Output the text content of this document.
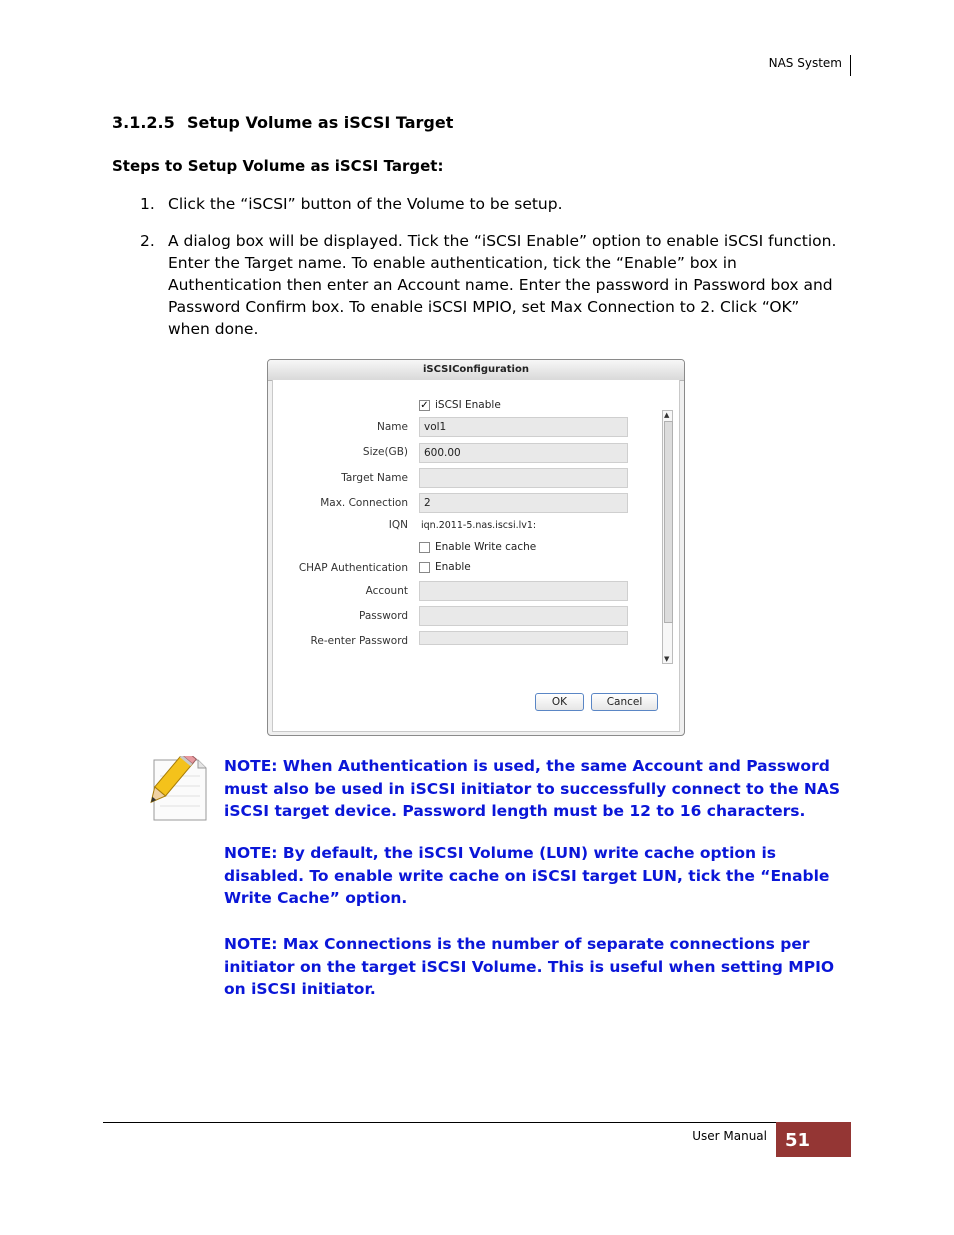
NAS System
3.1.2.5 Setup Volume as iSCSI Target
Steps to Setup Volume as iSCSI Target:
1. Click the “iSCSI” button of the Volume to be setup.
2. A dialog box will be displayed. Tick the “iSCSI Enable” option to enable iSCSI function. Enter the Target name. To enable authentication, tick the “Enable” box in Authentication then enter an Account name. Enter the password in Password box and Password Confirm box. To enable iSCSI MPIO, set Max Connection to 2. Click “OK” when done.
iSCSIConfiguration
✓ iSCSI Enable
Name	vol1
Size(GB)	600.00
Target Name
Max. Connection	2
IQN iqn.2011-5.nas.iscsi.lv1:
Enable Write cache
CHAP Authentication	Enable
Account
Password
Re-enter Password
▲
▼
OK	Cancel
NOTE: When Authentication is used, the same Account and Password must also be used in iSCSI initiator to successfully connect to the NAS iSCSI target device. Password length must be 12 to 16 characters.
NOTE: By default, the iSCSI Volume (LUN) write cache option is disabled. To enable write cache on iSCSI target LUN, tick the “Enable Write Cache” option.
NOTE: Max Connections is the number of separate connections per initiator on the target iSCSI Volume. This is useful when setting MPIO on iSCSI initiator.
User Manual	51
